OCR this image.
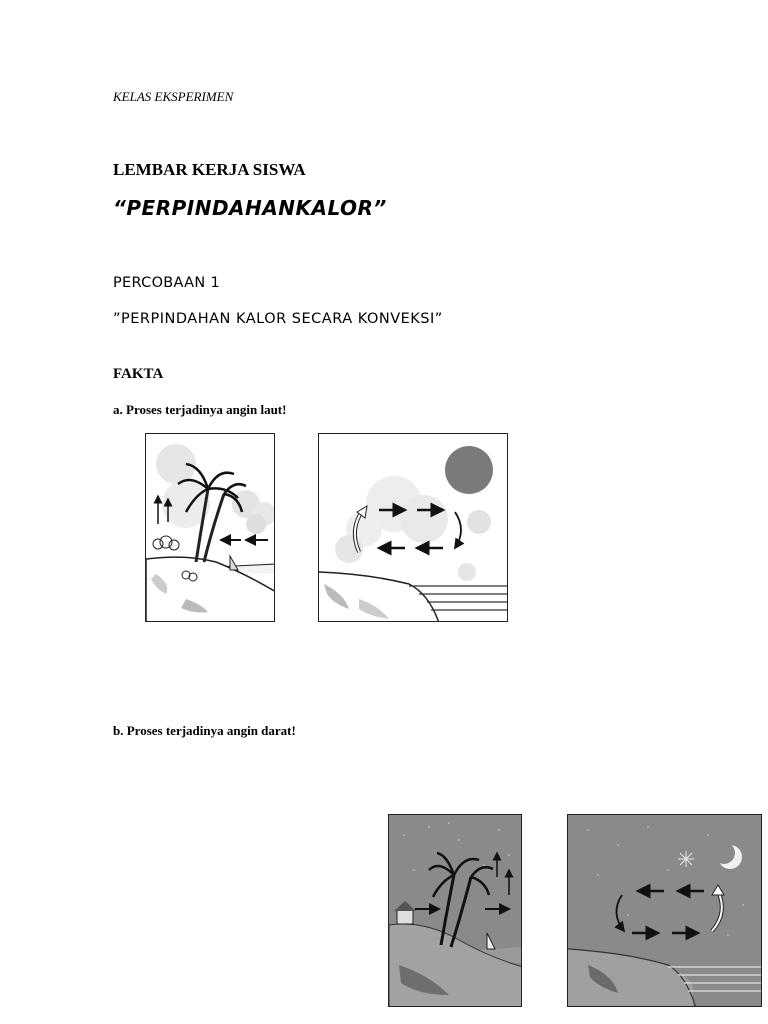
KELAS EKSPERIMEN
LEMBAR KERJA SISWA
“PERPINDAHANKALOR”
PERCOBAAN 1
”PERPINDAHAN KALOR SECARA KONVEKSI”
FAKTA
a. Proses terjadinya angin laut!
b. Proses terjadinya angin darat!
